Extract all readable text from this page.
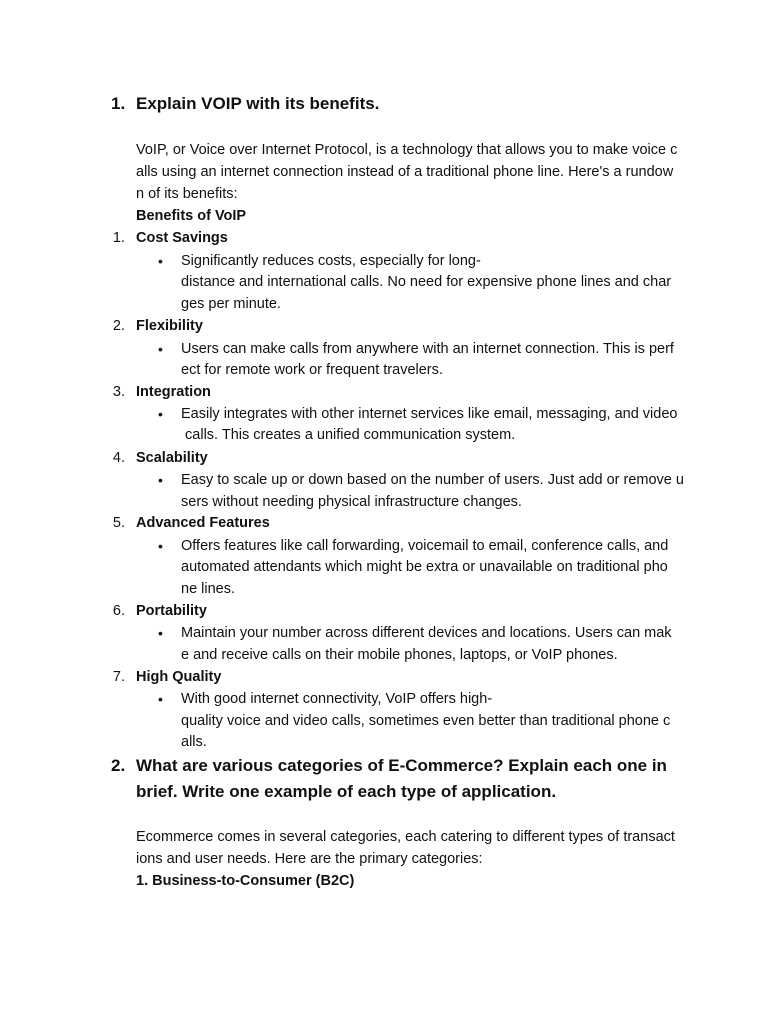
1. Explain VOIP with its benefits.
VoIP, or Voice over Internet Protocol, is a technology that allows you to make voice c
alls using an internet connection instead of a traditional phone line. Here's a rundow
n of its benefits:
Benefits of VoIP
1. Cost Savings
• Significantly reduces costs, especially for long-
distance and international calls. No need for expensive phone lines and char
ges per minute.
2. Flexibility
• Users can make calls from anywhere with an internet connection. This is perf
ect for remote work or frequent travelers.
3. Integration
• Easily integrates with other internet services like email, messaging, and video
calls. This creates a unified communication system.
4. Scalability
• Easy to scale up or down based on the number of users. Just add or remove u
sers without needing physical infrastructure changes.
5. Advanced Features
• Offers features like call forwarding, voicemail to email, conference calls, and
automated attendants which might be extra or unavailable on traditional pho
ne lines.
6. Portability
• Maintain your number across different devices and locations. Users can mak
e and receive calls on their mobile phones, laptops, or VoIP phones.
7. High Quality
• With good internet connectivity, VoIP offers high-
quality voice and video calls, sometimes even better than traditional phone c
alls.
2. What are various categories of E-Commerce? Explain each one in
brief. Write one example of each type of application.
Ecommerce comes in several categories, each catering to different types of transact
ions and user needs. Here are the primary categories:
1. Business-to-Consumer (B2C)
